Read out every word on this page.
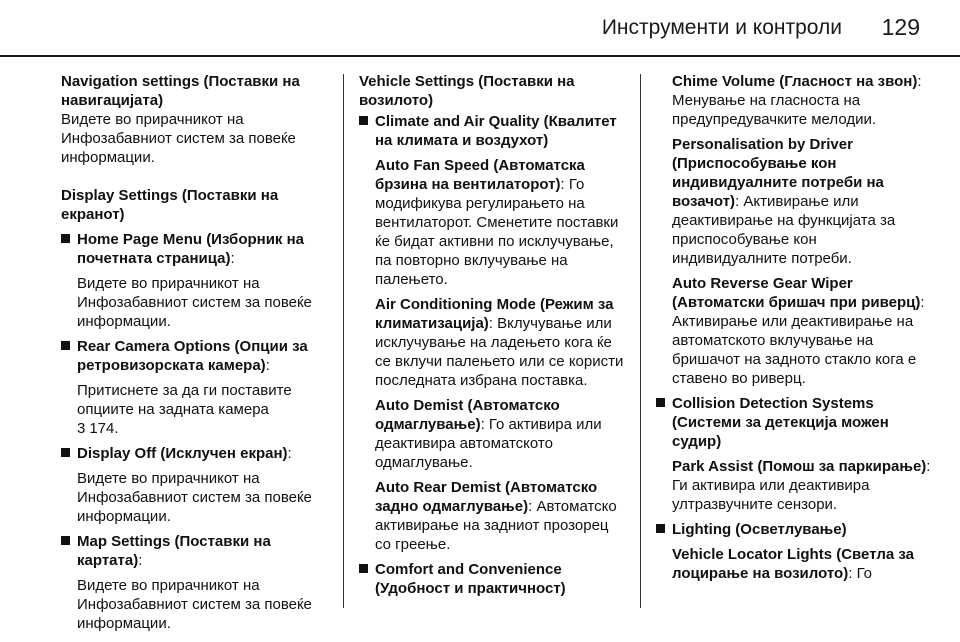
Инструменти и контроли 129

Navigation settings (Поставки на навигацијата)

Видете во прирачникот на Инфозабавниот систем за повеќе информации.

Display Settings (Поставки на екранот)

Home Page Menu (Изборник на почетната страница):

Видете во прирачникот на Инфозабавниот систем за повеќе информации.

Rear Camera Options (Опции за ретровизорската камера):

Притиснете за да ги поставите опциите на задната камера

3 174.

Display Off (Исклучен екран):

Видете во прирачникот на Инфозабавниот систем за повеќе информации.

Map Settings (Поставки на картата):

Видете во прирачникот на Инфозабавниот систем за повеќе информации.

Vehicle Settings (Поставки на возилото)

Climate and Air Quality (Квалитет на климата и воздухот)

Auto Fan Speed (Автоматска брзина на вентилаторот): Го модификува регулирањето на вентилаторот. Сменетите поставки ќе бидат активни по исклучување, па повторно вклучување на палењето.

Air Conditioning Mode (Режим за климатизација): Вклучување или исклучување на ладењето кога ќе се вклучи палењето или се користи последната избрана поставка.

Auto Demist (Автоматско одмаглување): Го активира или деактивира автоматското одмаглување.

Auto Rear Demist (Автоматско задно одмаглување): Автоматско активирање на задниот прозорец со греење.

Comfort and Convenience (Удобност и практичност)

Chime Volume (Гласност на звон): Менување на гласноста на предупредувачките мелодии.

Personalisation by Driver (Приспособување кон индивидуалните потреби на возачот): Активирање или деактивирање на функцијата за приспособување кон индивидуалните потреби.

Auto Reverse Gear Wiper (Автоматски бришач при риверц): Активирање или деактивирање на автоматското вклучување на бришачот на задното стакло кога е ставено во риверц.

Collision Detection Systems (Системи за детекција можен судир)

Park Assist (Помош за паркирање): Ги активира или деактивира ултразвучните сензори.

Lighting (Осветлување)

Vehicle Locator Lights (Светла за лоцирање на возилото): Го
